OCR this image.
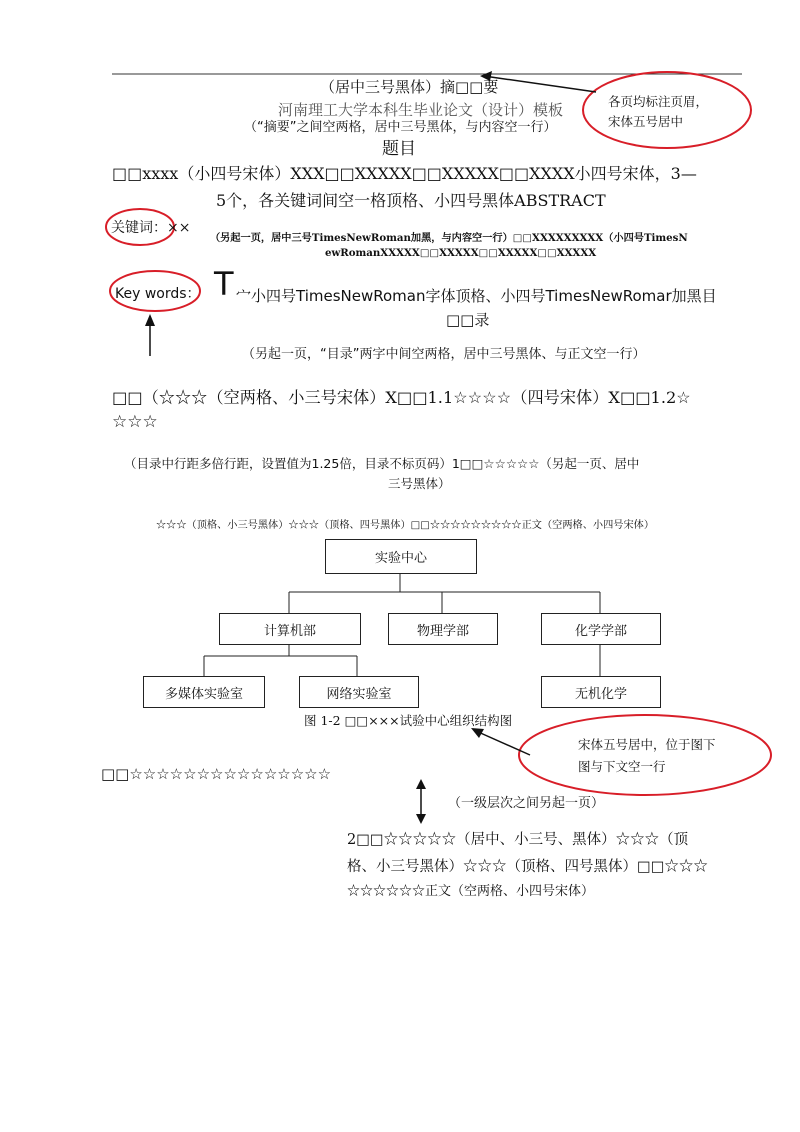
（居中三号黑体）摘□□要
河南理工大学本科生毕业论文（设计）模板
（“摘要”之间空两格，居中三号黑体，与内容空一行）
题目
各页均标注页眉，
宋体五号居中
□□xxxx（小四号宋体）XXX□□XXXXX□□XXXXX□□XXXX小四号宋体，3—
5个，各关键词间空一格顶格、小四号黑体ABSTRACT
关键词：××
（另起一页，居中三号TimesNewRoman加黑，与内容空一行）□□XXXXXXXXX（小四号TimesN
ewRomanXXXXX□□XXXXX□□XXXXX□□XXXXX
Key words： T 宀小四号TimesNewRoman字体顶格、小四号TimesNewRomar加黑目
□□录
（另起一页，“目录”两字中间空两格，居中三号黑体、与正文空一行）
□□（☆☆☆（空两格、小三号宋体）X□□1.1☆☆☆☆（四号宋体）X□□1.2☆
☆☆☆
（目录中行距多倍行距，设置值为1.25倍，目录不标页码）1□□☆☆☆☆☆（另起一页、居中
三号黑体）
☆☆☆（顶格、小三号黑体）☆☆☆（顶格、四号黑体）□□☆☆☆☆☆☆☆☆☆正文（空两格、小四号宋体）
实验中心
计算机部	物理学部	化学学部
多媒体实验室	网络实验室	无机化学
图 1-2 □□×××试验中心组织结构图
宋体五号居中，位于图下
图与下文空一行
□□☆☆☆☆☆☆☆☆☆☆☆☆☆☆☆
（一级层次之间另起一页）
2□□☆☆☆☆☆（居中、小三号、黑体）☆☆☆（顶
格、小三号黑体）☆☆☆（顶格、四号黑体）□□☆☆☆
☆☆☆☆☆☆正文（空两格、小四号宋体）
